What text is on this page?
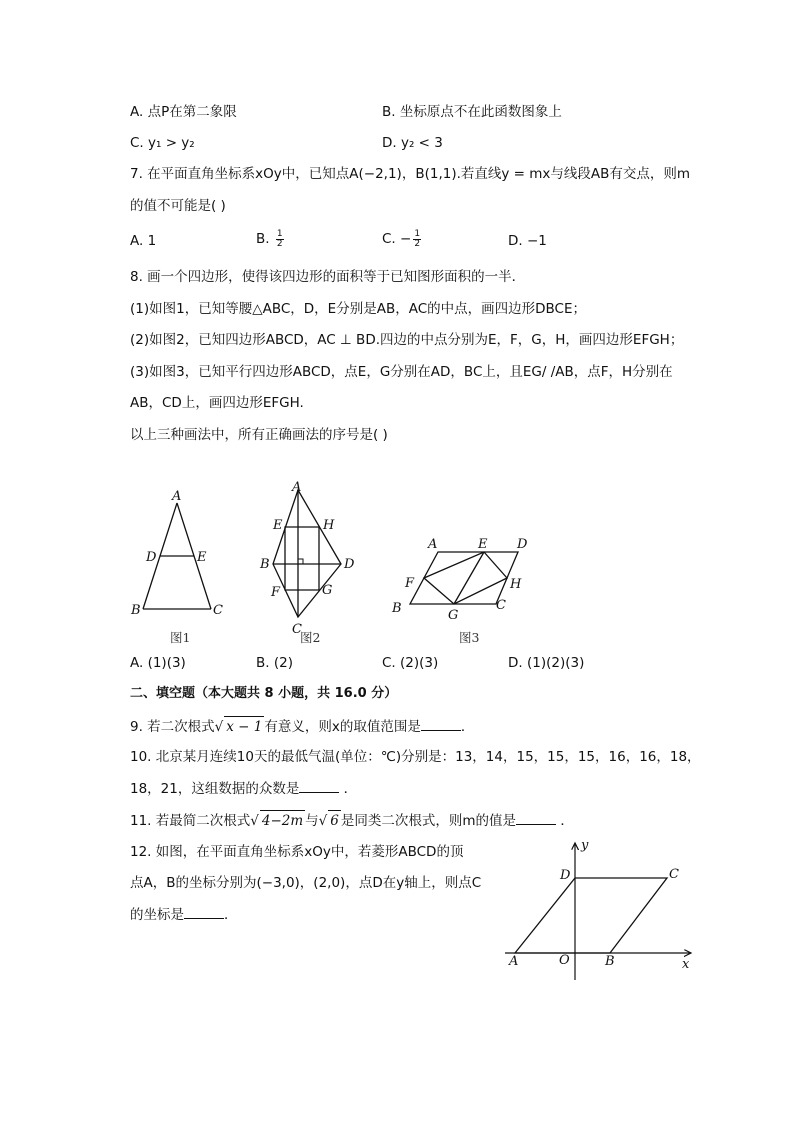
A. 点P在第二象限	B. 坐标原点不在此函数图象上
C. y₁ > y₂	D. y₂ < 3
7. 在平面直角坐标系xOy中，已知点A(−2,1)，B(1,1).若直线y = mx与线段AB有交点，则m
的值不可能是( )
A. 1	B. $\frac{1}{2}$	C. − $\frac{1}{2}$	D. −1
8. 画一个四边形，使得该四边形的面积等于已知图形面积的一半．
(1)如图1，已知等腰△ABC，D，E分别是AB，AC的中点，画四边形DBCE；
(2)如图2，已知四边形ABCD，AC ⊥ BD.四边的中点分别为E，F，G，H，画四边形EFGH；
(3)如图3，已知平行四边形ABCD，点E，G分别在AD，BC上，且EG/ /AB，点F，H分别在
AB，CD上，画四边形EFGH.
以上三种画法中，所有正确画法的序号是( )
A
D	E
B	C
图1
A
E	H
B	D
F	G
C
图2
A	E D
F	H
B	G
C
图3
A. (1)(3)	B. (2)	C. (2)(3)	D. (1)(2)(3)
二、填空题（本大题共 8 小题，共 16.0 分）
9. 若二次根式√ x − 1 有意义，则x的取值范围是	．
10. 北京某月连续10天的最低气温(单位：℃)分别是：13，14，15，15，15，16，16，18，
18，21，这组数据的众数是	．
11. 若最简二次根式√ 4−2m 与√ 6 是同类二次根式，则m的值是	．
12. 如图，在平面直角坐标系xOy中，若菱形ABCD的顶
点A，B的坐标分别为(−3,0)，(2,0)，点D在y轴上，则点C
的坐标是	．
y
x
D	C
A	O	B
